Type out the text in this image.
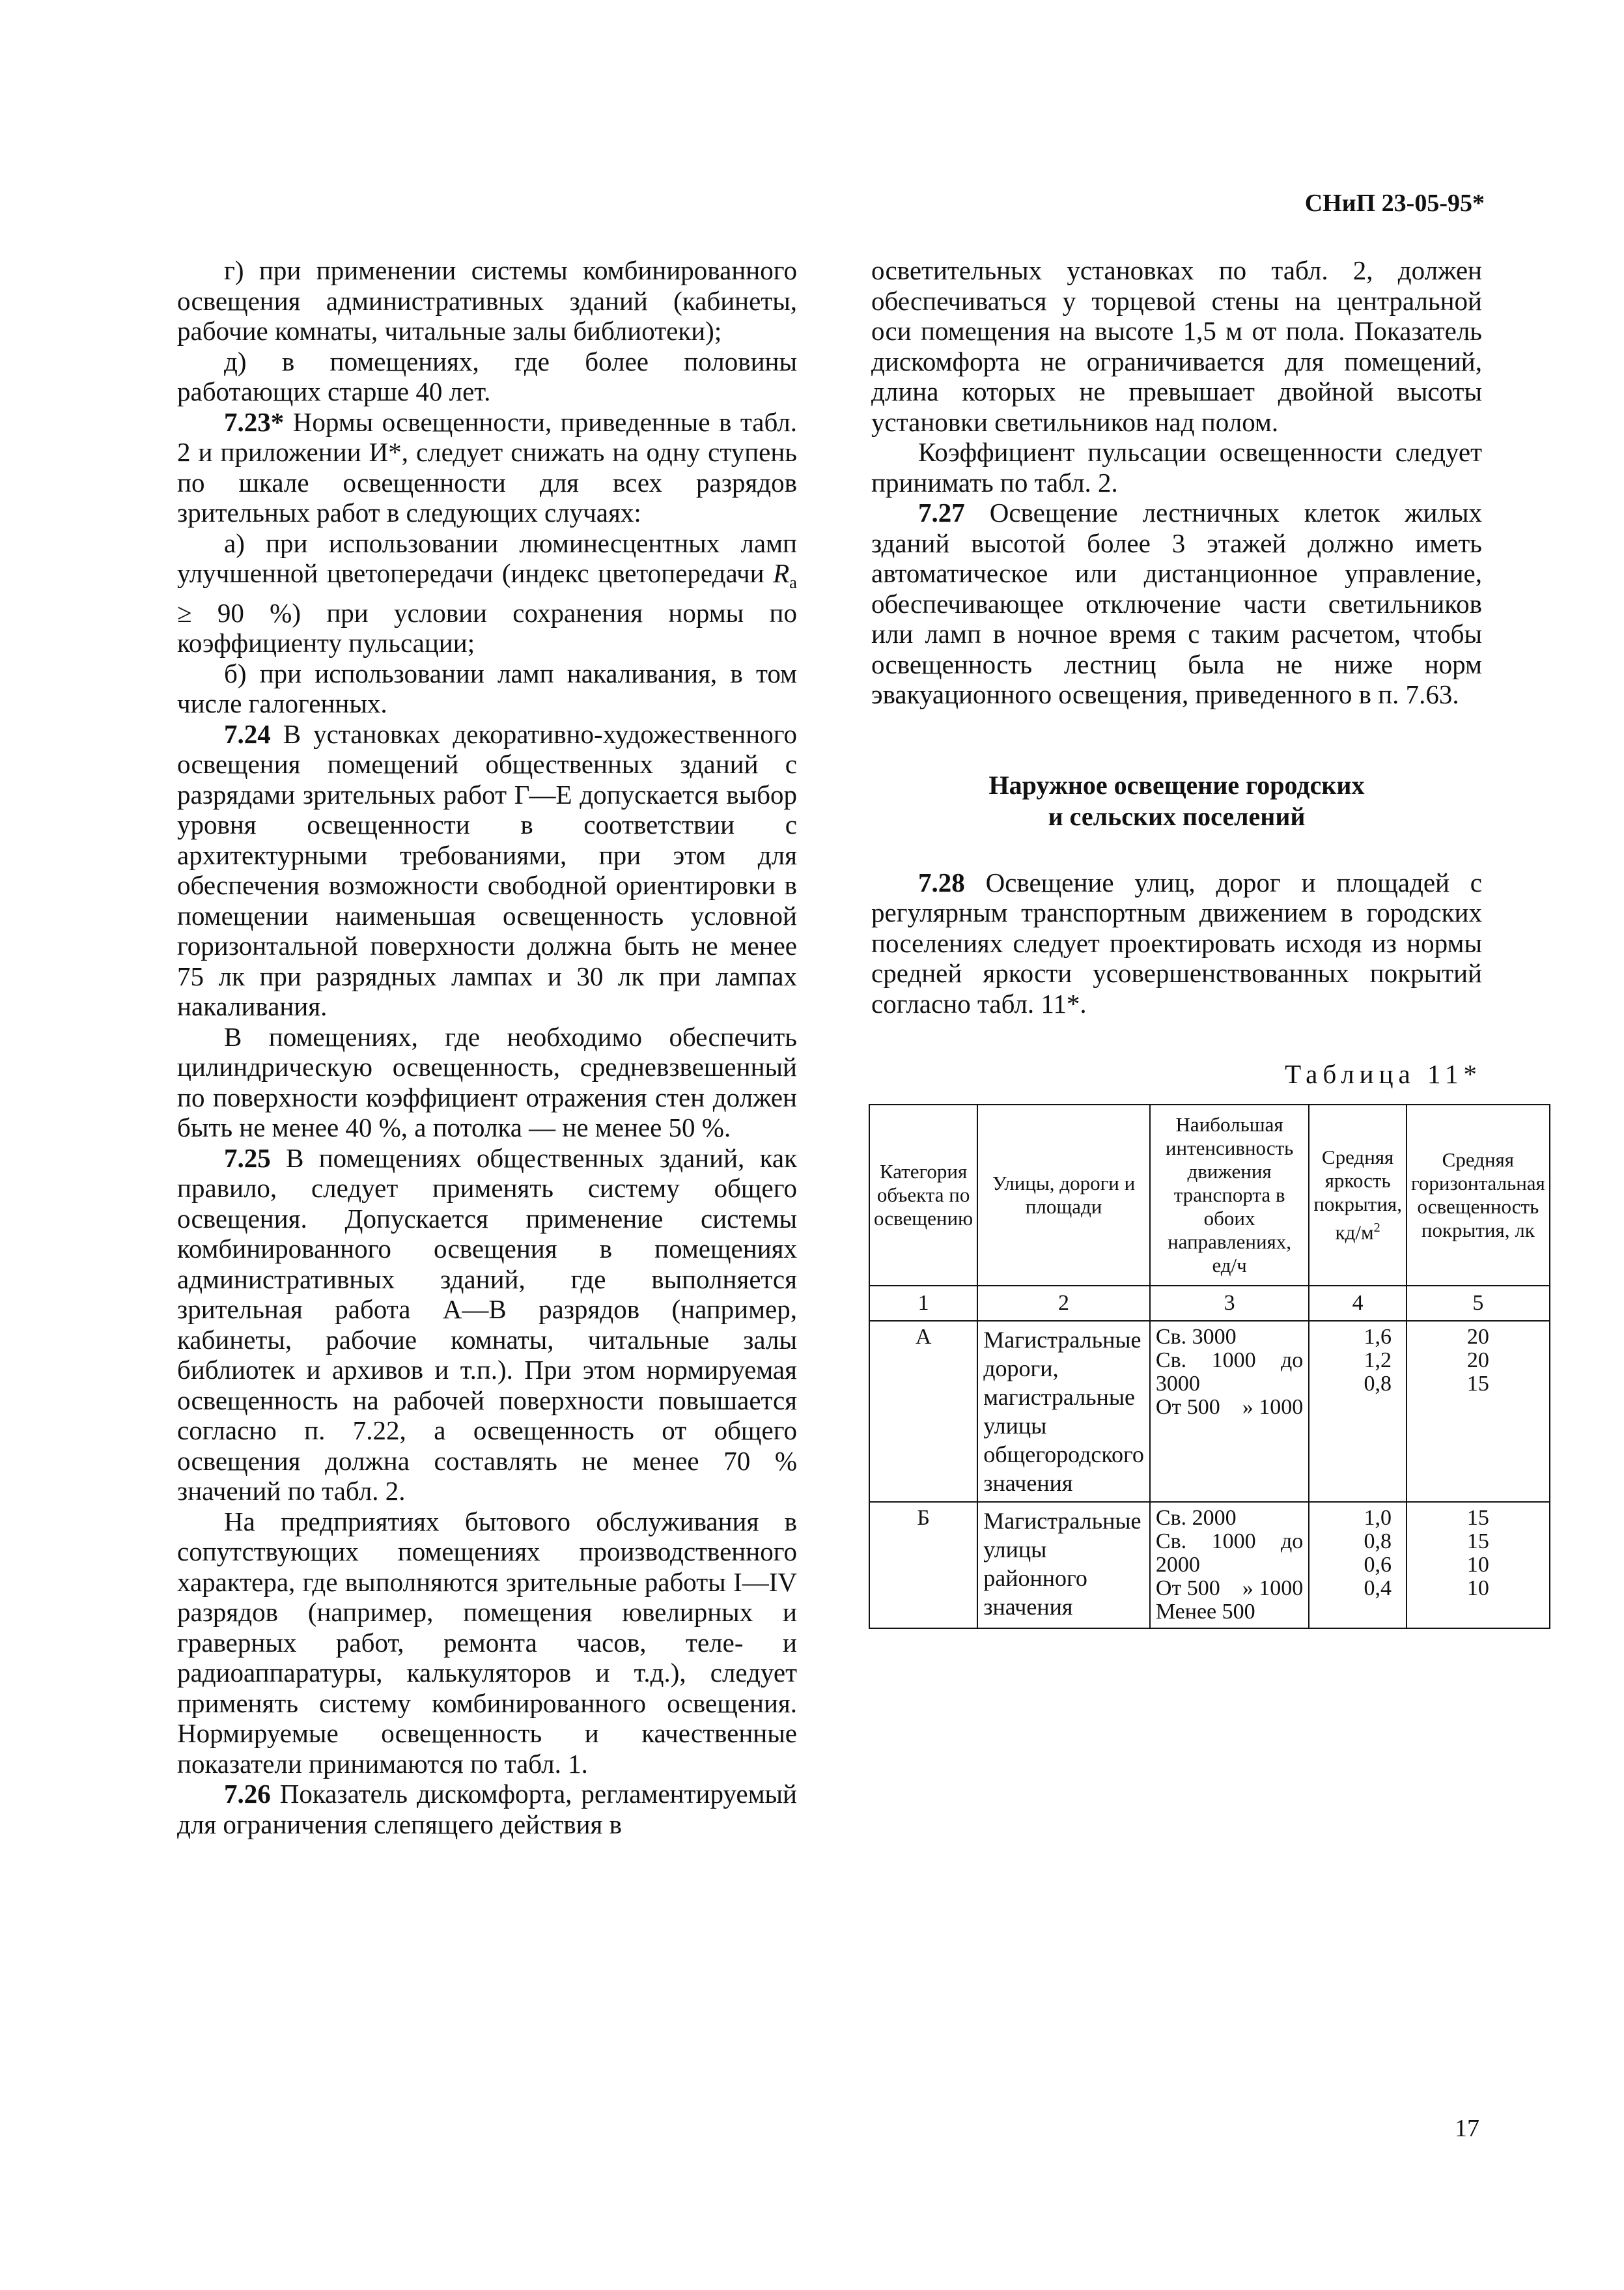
СНиП 23-05-95*

г) при применении системы комбинированного освещения административных зданий (кабинеты, рабочие комнаты, читальные залы библиотеки);

д) в помещениях, где более половины работающих старше 40 лет.

7.23* Нормы освещенности, приведенные в табл. 2 и приложении И*, следует снижать на одну ступень по шкале освещенности для всех разрядов зрительных работ в следующих случаях:

а) при использовании люминесцентных ламп улучшенной цветопередачи (индекс цветопередачи $R_a \ge 90$ %) при условии сохранения нормы по коэффициенту пульсации;

б) при использовании ламп накаливания, в том числе галогенных.

7.24 В установках декоративно-художественного освещения помещений общественных зданий с разрядами зрительных работ Г—Е допускается выбор уровня освещенности в соответствии с архитектурными требованиями, при этом для обеспечения возможности свободной ориентировки в помещении наименьшая освещенность условной горизонтальной поверхности должна быть не менее 75 лк при разрядных лампах и 30 лк при лампах накаливания.

В помещениях, где необходимо обеспечить цилиндрическую освещенность, средневзвешенный по поверхности коэффициент отражения стен должен быть не менее 40 %, а потолка — не менее 50 %.

7.25 В помещениях общественных зданий, как правило, следует применять систему общего освещения. Допускается применение системы комбинированного освещения в помещениях административных зданий, где выполняется зрительная работа А—В разрядов (например, кабинеты, рабочие комнаты, читальные залы библиотек и архивов и т.п.). При этом нормируемая освещенность на рабочей поверхности повышается согласно п. 7.22, а освещенность от общего освещения должна составлять не менее 70 % значений по табл. 2.

На предприятиях бытового обслуживания в сопутствующих помещениях производственного характера, где выполняются зрительные работы I—IV разрядов (например, помещения ювелирных и граверных работ, ремонта часов, теле- и радиоаппаратуры, калькуляторов и т.д.), следует применять систему комбинированного освещения. Нормируемые освещенность и качественные показатели принимаются по табл. 1.

7.26 Показатель дискомфорта, регламентируемый для ограничения слепящего действия в

осветительных установках по табл. 2, должен обеспечиваться у торцевой стены на центральной оси помещения на высоте 1,5 м от пола. Показатель дискомфорта не ограничивается для помещений, длина которых не превышает двойной высоты установки светильников над полом.

Коэффициент пульсации освещенности следует принимать по табл. 2.

7.27 Освещение лестничных клеток жилых зданий высотой более 3 этажей должно иметь автоматическое или дистанционное управление, обеспечивающее отключение части светильников или ламп в ночное время с таким расчетом, чтобы освещенность лестниц была не ниже норм эвакуационного освещения, приведенного в п. 7.63.

Наружное освещение городских
и сельских поселений

7.28 Освещение улиц, дорог и площадей с регулярным транспортным движением в городских поселениях следует проектировать исходя из нормы средней яркости усовершенствованных покрытий согласно табл. 11*.

Таблица 11*

Категория объекта по освещению	Улицы, дороги и площади	Наибольшая интенсивность движения транспорта в обоих направлениях, ед/ч	Средняя яркость покрытия, $кд/м^2$	Средняя горизонтальная освещенность покрытия, лк
1	2	3	4	5
А	Магистральные дороги, магистральные улицы общегородского значения	Св. 3000
Св. 1000 до 3000
От 500    » 1000	1,6
1,2
0,8	20
20
15

Б	Магистральные улицы районного значения	Св. 2000
Св. 1000 до 2000
От 500    » 1000
Менее 500	1,0
0,8
0,6
0,4	15
15
10
10
17
